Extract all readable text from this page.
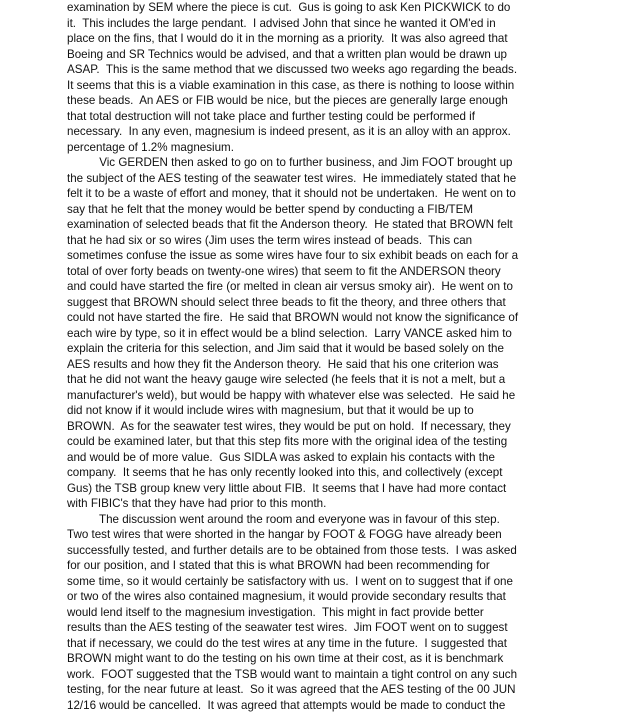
examination by SEM where the piece is cut.  Gus is going to ask Ken PICKWICK to do
it.  This includes the large pendant.  I advised John that since he wanted it OM'ed in
place on the fins, that I would do it in the morning as a priority.  It was also agreed that
Boeing and SR Technics would be advised, and that a written plan would be drawn up
ASAP.  This is the same method that we discussed two weeks ago regarding the beads.
It seems that this is a viable examination in this case, as there is nothing to loose within
these beads.  An AES or FIB would be nice, but the pieces are generally large enough
that total destruction will not take place and further testing could be performed if
necessary.  In any even, magnesium is indeed present, as it is an alloy with an approx.
percentage of 1.2% magnesium.
Vic GERDEN then asked to go on to further business, and Jim FOOT brought up
the subject of the AES testing of the seawater test wires.  He immediately stated that he
felt it to be a waste of effort and money, that it should not be undertaken.  He went on to
say that he felt that the money would be better spend by conducting a FIB/TEM
examination of selected beads that fit the Anderson theory.  He stated that BROWN felt
that he had six or so wires (Jim uses the term wires instead of beads.  This can
sometimes confuse the issue as some wires have four to six exhibit beads on each for a
total of over forty beads on twenty-one wires) that seem to fit the ANDERSON theory
and could have started the fire (or melted in clean air versus smoky air).  He went on to
suggest that BROWN should select three beads to fit the theory, and three others that
could not have started the fire.  He said that BROWN would not know the significance of
each wire by type, so it in effect would be a blind selection.  Larry VANCE asked him to
explain the criteria for this selection, and Jim said that it would be based solely on the
AES results and how they fit the Anderson theory.  He said that his one criterion was
that he did not want the heavy gauge wire selected (he feels that it is not a melt, but a
manufacturer's weld), but would be happy with whatever else was selected.  He said he
did not know if it would include wires with magnesium, but that it would be up to
BROWN.  As for the seawater test wires, they would be put on hold.  If necessary, they
could be examined later, but that this step fits more with the original idea of the testing
and would be of more value.  Gus SIDLA was asked to explain his contacts with the
company.  It seems that he has only recently looked into this, and collectively (except
Gus) the TSB group knew very little about FIB.  It seems that I have had more contact
with FIBIC's that they have had prior to this month.
The discussion went around the room and everyone was in favour of this step.
Two test wires that were shorted in the hangar by FOOT & FOGG have already been
successfully tested, and further details are to be obtained from those tests.  I was asked
for our position, and I stated that this is what BROWN had been recommending for
some time, so it would certainly be satisfactory with us.  I went on to suggest that if one
or two of the wires also contained magnesium, it would provide secondary results that
would lend itself to the magnesium investigation.  This might in fact provide better
results than the AES testing of the seawater test wires.  Jim FOOT went on to suggest
that if necessary, we could do the test wires at any time in the future.  I suggested that
BROWN might want to do the testing on his own time at their cost, as it is benchmark
work.  FOOT suggested that the TSB would want to maintain a tight control on any such
testing, for the near future at least.  So it was agreed that the AES testing of the 00 JUN
12/16 would be cancelled.  It was agreed that attempts would be made to conduct the
